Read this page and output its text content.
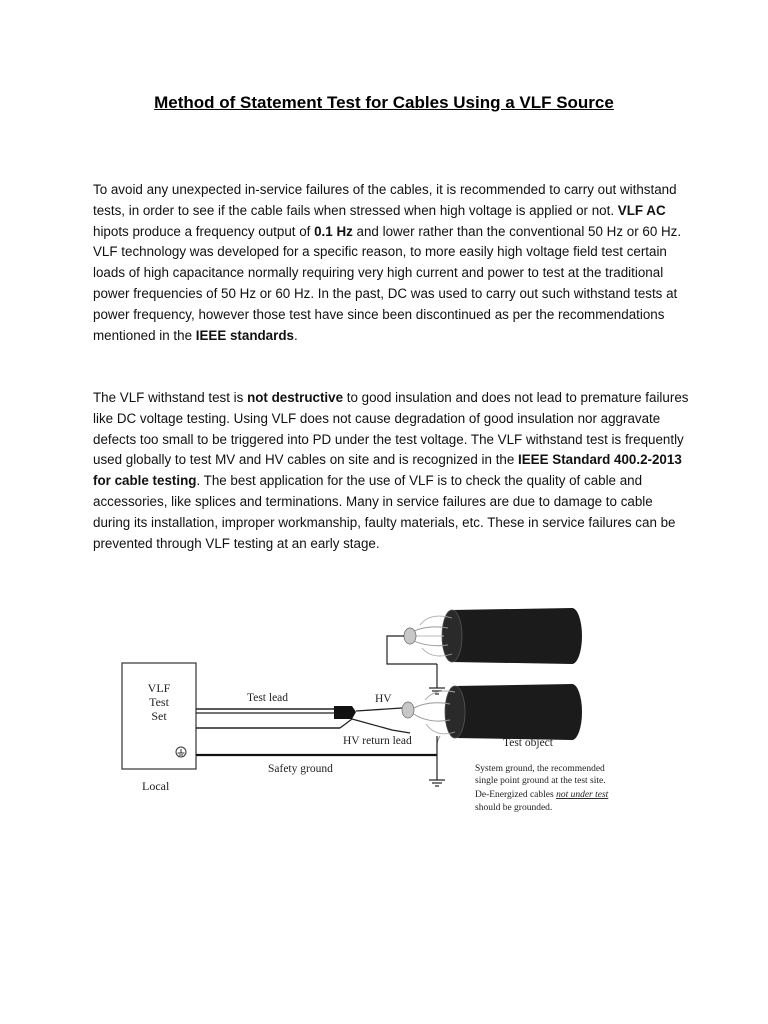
Method of Statement Test for Cables Using a VLF Source
To avoid any unexpected in-service failures of the cables, it is recommended to carry out withstand tests, in order to see if the cable fails when stressed when high voltage is applied or not. VLF AC hipots produce a frequency output of 0.1 Hz and lower rather than the conventional 50 Hz or 60 Hz. VLF technology was developed for a specific reason, to more easily high voltage field test certain loads of high capacitance normally requiring very high current and power to test at the traditional power frequencies of 50 Hz or 60 Hz. In the past, DC was used to carry out such withstand tests at power frequency, however those test have since been discontinued as per the recommendations mentioned in the IEEE standards.
The VLF withstand test is not destructive to good insulation and does not lead to premature failures like DC voltage testing. Using VLF does not cause degradation of good insulation nor aggravate defects too small to be triggered into PD under the test voltage. The VLF withstand test is frequently used globally to test MV and HV cables on site and is recognized in the IEEE Standard 400.2-2013 for cable testing. The best application for the use of VLF is to check the quality of cable and accessories, like splices and terminations. Many in service failures are due to damage to cable during its installation, improper workmanship, faulty materials, etc. These in service failures can be prevented through VLF testing at an early stage.
VLF
Test
Set
Local
Test lead	HV
HV return lead
Safety ground
Test object
System ground, the recommended
single point ground at the test site.
De-Energized cables not under test
should be grounded.
